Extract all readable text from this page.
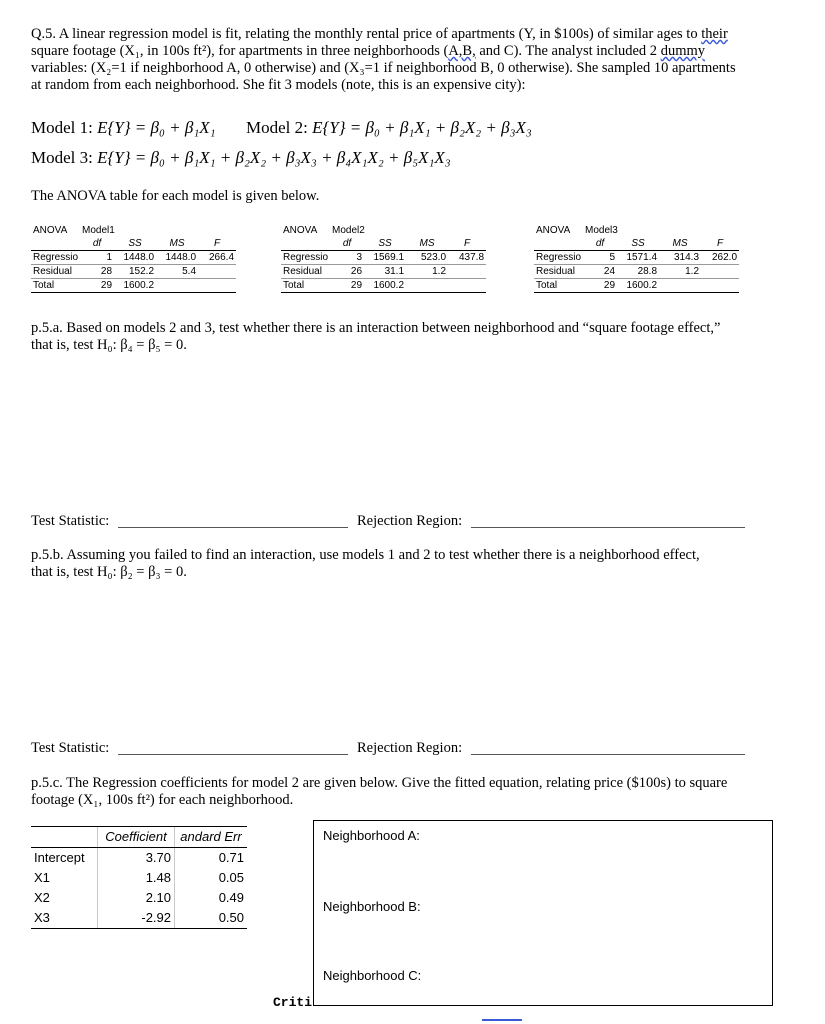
Q.5. A linear regression model is fit, relating the monthly rental price of apartments (Y, in $100s) of similar ages to their
square footage (X₁, in 100s ft²), for apartments in three neighborhoods (A,B, and C). The analyst included 2 dummy
variables: (X₂=1 if neighborhood A, 0 otherwise) and (X₃=1 if neighborhood B, 0 otherwise). She sampled 10 apartments
at random from each neighborhood. She fit 3 models (note, this is an expensive city):
Model 1: E{Y} = β₀ + β₁X₁ Model 2: E{Y} = β₀ + β₁X₁ + β₂X₂ + β₃X₃
Model 3: E{Y} = β₀ + β₁X₁ + β₂X₂ + β₃X₃ + β₄X₁X₂ + β₅X₁X₃
The ANOVA table for each model is given below.
ANOVA	Model1				
	df	SS	MS	F	
Regressio	1	1448.0	1448.0	266.4	
Residual	28	152.2	5.4		
Total	29	1600.2			
ANOVA	Model2				
	df	SS	MS	F	
Regressio	3	1569.1	523.0	437.8	
Residual	26	31.1	1.2		
Total	29	1600.2			
ANOVA	Model3				
	df	SS	MS	F	
Regressio	5	1571.4	314.3	262.0	
Residual	24	28.8	1.2		
Total	29	1600.2			
p.5.a. Based on models 2 and 3, test whether there is an interaction between neighborhood and “square footage effect,”
that is, test H₀: β₄ = β₅ = 0.
Test Statistic:	Rejection Region:
p.5.b. Assuming you failed to find an interaction, use models 1 and 2 to test whether there is a neighborhood effect,
that is, test H₀: β₂ = β₃ = 0.
Test Statistic:	Rejection Region:
p.5.c. The Regression coefficients for model 2 are given below. Give the fitted equation, relating price ($100s) to square
footage (X₁, 100s ft²) for each neighborhood.
	Coefficient	andard Err
Intercept	3.70	0.71
X1	1.48	0.05
X2	2.10	0.49
X3	-2.92	0.50
Neighborhood A:
Neighborhood B:
Neighborhood C:
Criti
